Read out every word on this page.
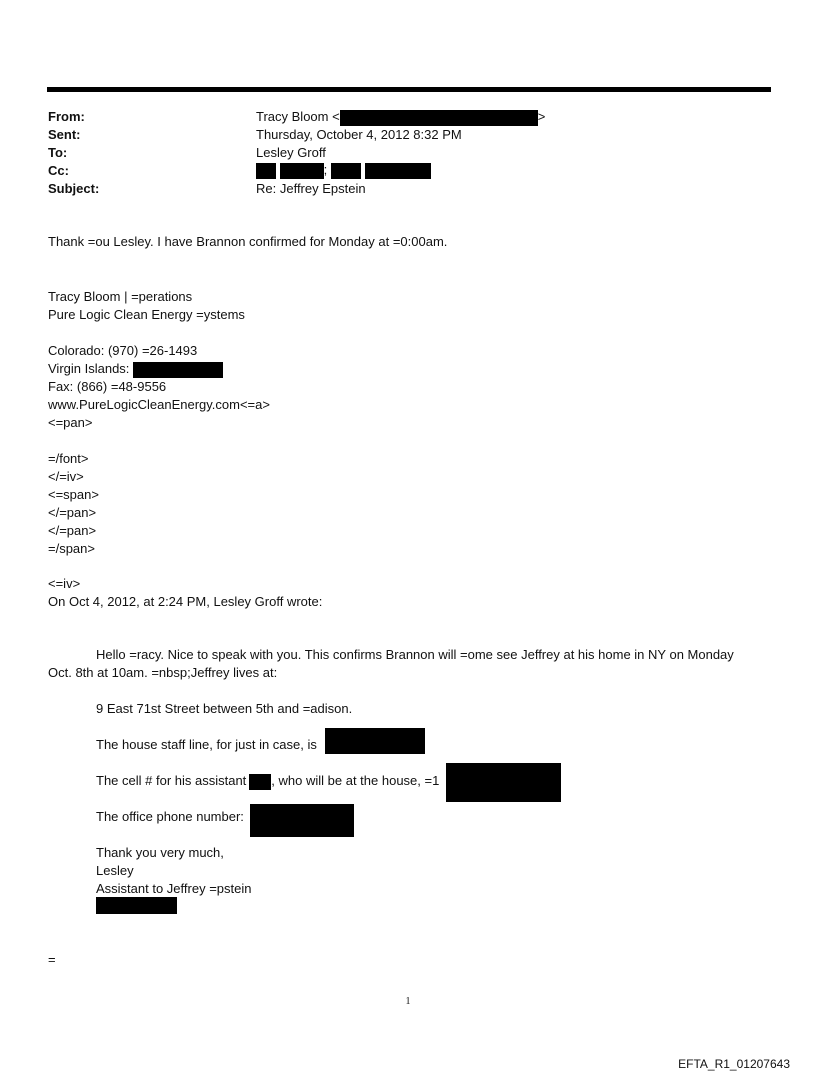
From:	Tracy Bloom <	>
Sent:	Thursday, October 4, 2012 8:32 PM
To:	Lesley Groff
Cc:	;
Subject:	Re: Jeffrey Epstein
Thank =ou Lesley. I have Brannon confirmed for Monday at =0:00am.
Tracy Bloom | =perations
Pure Logic Clean Energy =ystems
Colorado: (970) =26-1493
Virgin Islands:
Fax: (866) =48-9556
www.PureLogicCleanEnergy.com<=a>
<=pan>
=/font>
</=iv>
<=span>
</=pan>
</=pan>
=/span>
<=iv>
On Oct 4, 2012, at 2:24 PM, Lesley Groff wrote:
Hello =racy. Nice to speak with you. This confirms Brannon will =ome see Jeffrey at his home in NY on Monday
Oct. 8th at 10am. =nbsp;Jeffrey lives at:
9 East 71st Street between 5th and =adison.
The house staff line, for just in case, is
The cell # for his assistant , who will be at the house, =1
The office phone number:
Thank you very much,
Lesley
Assistant to Jeffrey =pstein
=
1
EFTA_R1_01207643
